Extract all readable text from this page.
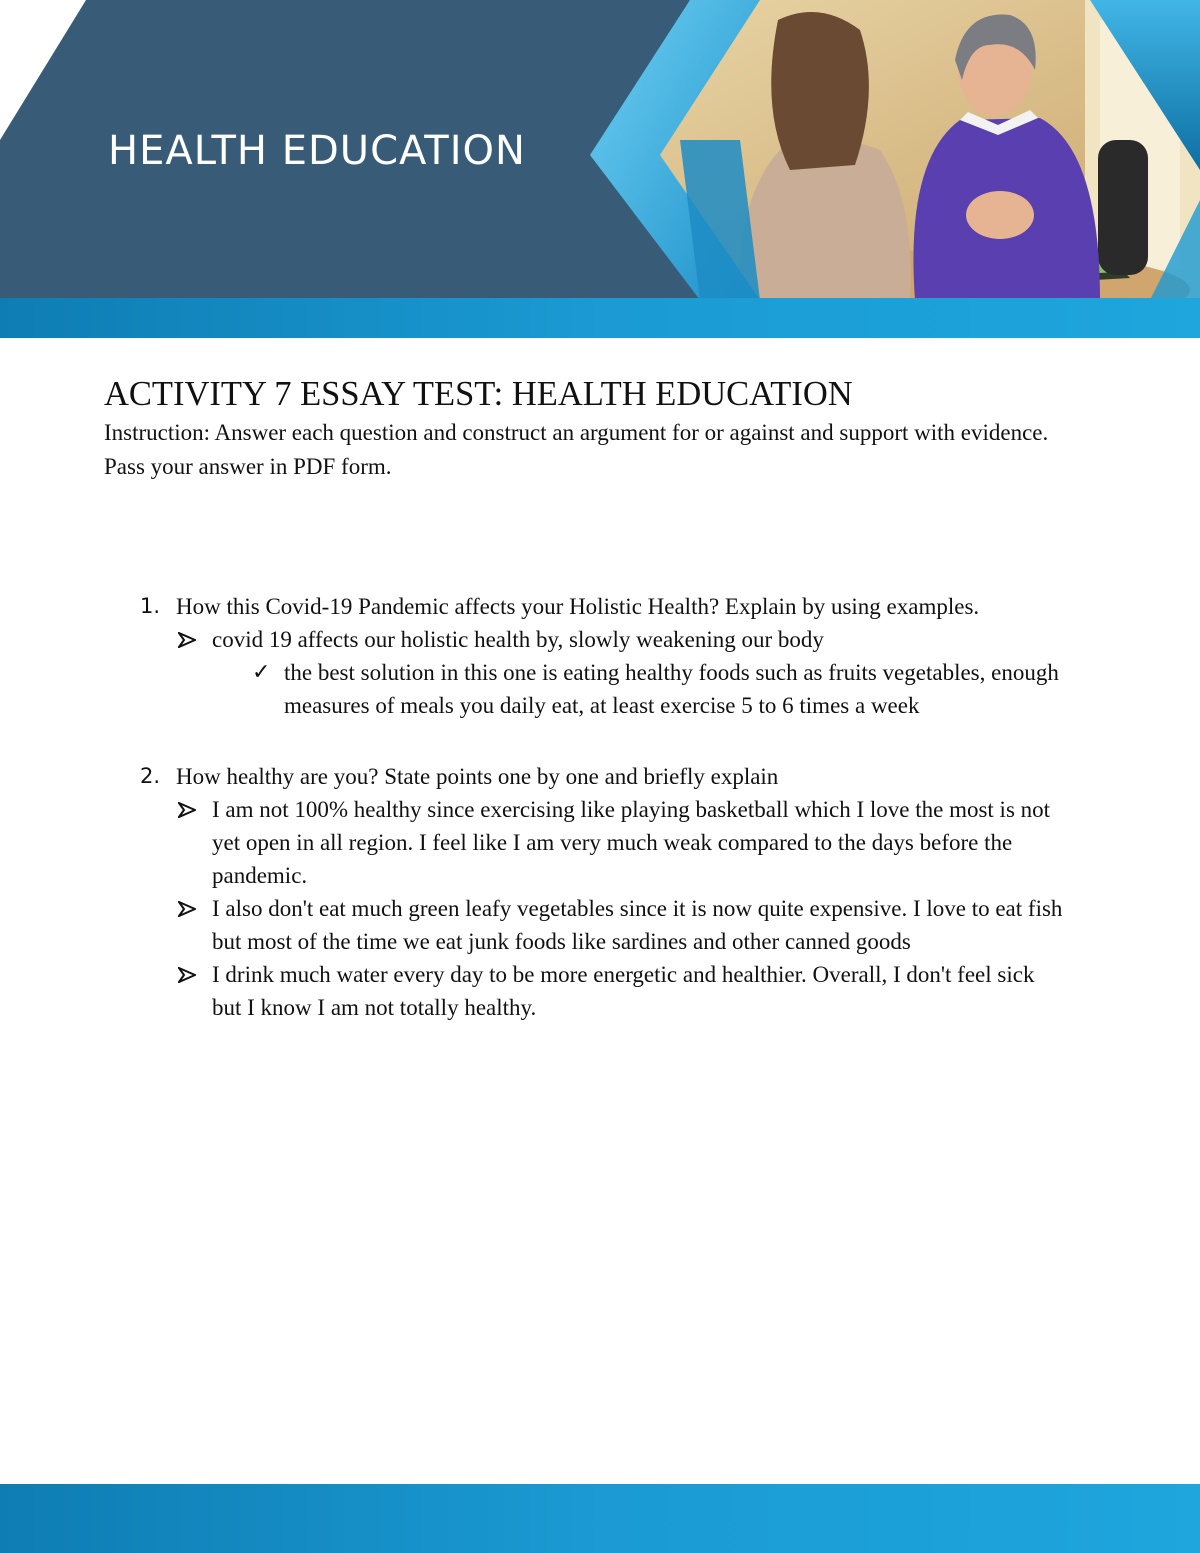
HEALTH EDUCATION
ACTIVITY 7 ESSAY TEST: HEALTH EDUCATION

Instruction: Answer each question and construct an argument for or against and support with evidence. Pass your answer in PDF form.

1. How this Covid-19 Pandemic affects your Holistic Health? Explain by using examples.
covid 19 affects our holistic health by, slowly weakening our body
✓ the best solution in this one is eating healthy foods such as fruits vegetables, enough measures of meals you daily eat, at least exercise 5 to 6 times a week
2. How healthy are you? State points one by one and briefly explain
I am not 100% healthy since exercising like playing basketball which I love the most is not yet open in all region. I feel like I am very much weak compared to the days before the pandemic.
I also don't eat much green leafy vegetables since it is now quite expensive. I love to eat fish but most of the time we eat junk foods like sardines and other canned goods
I drink much water every day to be more energetic and healthier. Overall, I don't feel sick but I know I am not totally healthy.
